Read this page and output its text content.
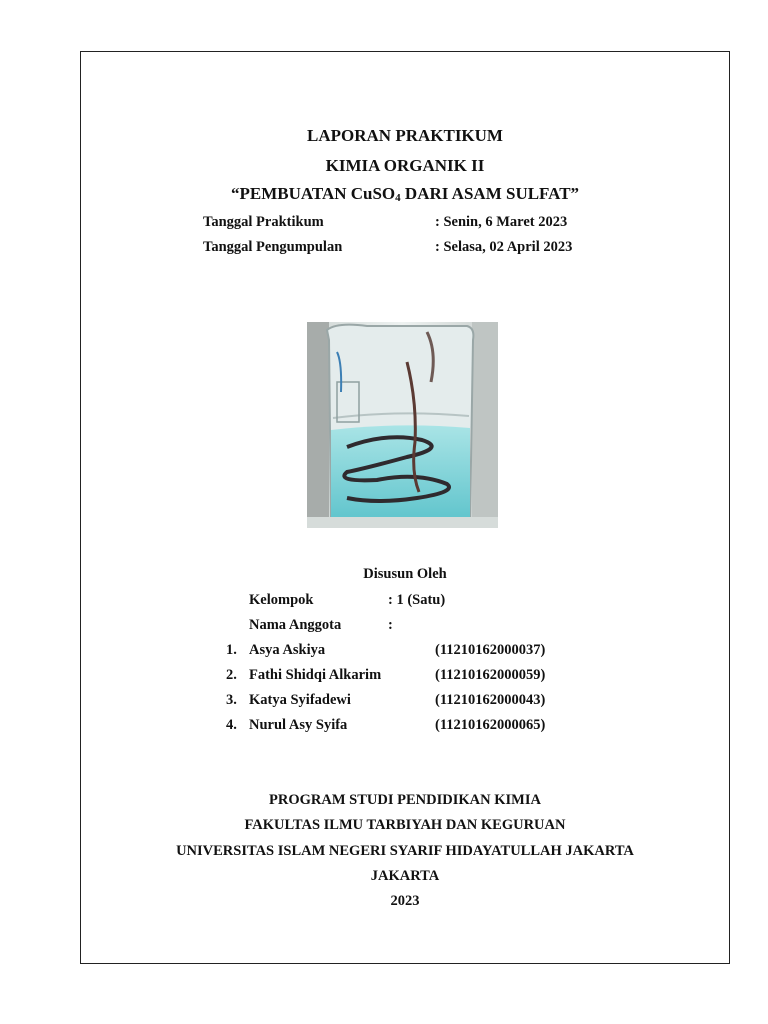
LAPORAN PRAKTIKUM
KIMIA ORGANIK II
“PEMBUATAN CuSO$_4$ DARI ASAM SULFAT”
Tanggal Praktikum	: Senin, 6 Maret 2023
Tanggal Pengumpulan	: Selasa, 02 April 2023
Disusun Oleh
Kelompok	: 1 (Satu)
Nama Anggota	:
1. Asya Askiya	(11210162000037)
2. Fathi Shidqi Alkarim	(11210162000059)
3. Katya Syifadewi	(11210162000043)
4. Nurul Asy Syifa	(11210162000065)
PROGRAM STUDI PENDIDIKAN KIMIA
FAKULTAS ILMU TARBIYAH DAN KEGURUAN
UNIVERSITAS ISLAM NEGERI SYARIF HIDAYATULLAH JAKARTA
JAKARTA
2023
